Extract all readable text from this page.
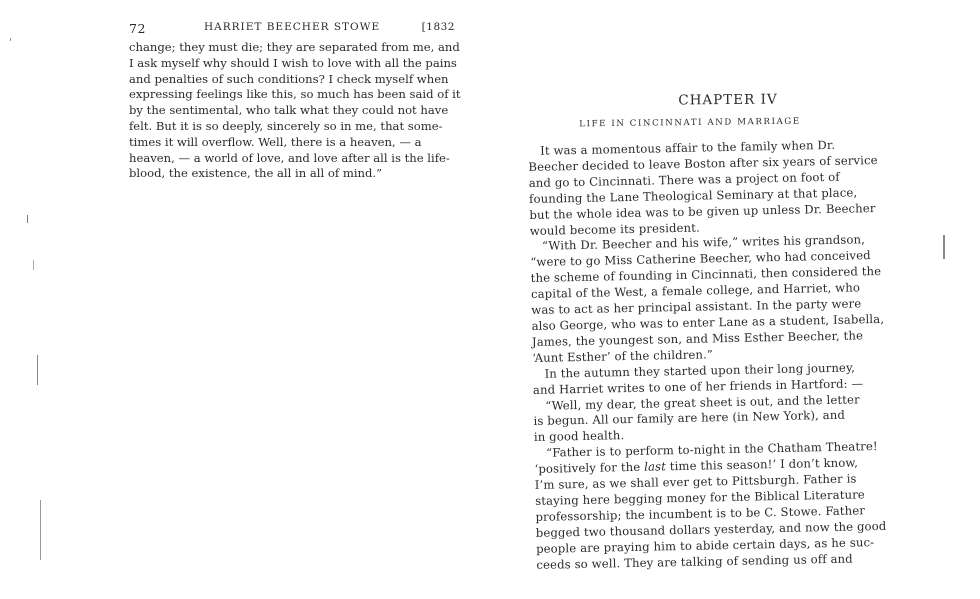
72	HARRIET BEECHER STOWE	[1832

change; they must die; they are separated from me, and
I ask myself why should I wish to love with all the pains
and penalties of such conditions? I check myself when
expressing feelings like this, so much has been said of it
by the sentimental, who talk what they could not have
felt. But it is so deeply, sincerely so in me, that some-
times it will overflow. Well, there is a heaven, — a
heaven, — a world of love, and love after all is the life-
blood, the existence, the all in all of mind.”

CHAPTER IV
LIFE IN CINCINNATI AND MARRIAGE
It was a momentous affair to the family when Dr.
Beecher decided to leave Boston after six years of service
and go to Cincinnati. There was a project on foot of
founding the Lane Theological Seminary at that place,
but the whole idea was to be given up unless Dr. Beecher
would become its president.
“With Dr. Beecher and his wife,” writes his grandson,
“were to go Miss Catherine Beecher, who had conceived
the scheme of founding in Cincinnati, then considered the
capital of the West, a female college, and Harriet, who
was to act as her principal assistant. In the party were
also George, who was to enter Lane as a student, Isabella,
James, the youngest son, and Miss Esther Beecher, the
‘Aunt Esther’ of the children.”
In the autumn they started upon their long journey,
and Harriet writes to one of her friends in Hartford: —
“Well, my dear, the great sheet is out, and the letter
is begun. All our family are here (in New York), and
in good health.
“Father is to perform to-night in the Chatham Theatre!
‘positively for the last time this season!’ I don’t know,
I’m sure, as we shall ever get to Pittsburgh. Father is
staying here begging money for the Biblical Literature
professorship; the incumbent is to be C. Stowe. Father
begged two thousand dollars yesterday, and now the good
people are praying him to abide certain days, as he suc-
ceeds so well. They are talking of sending us off and
